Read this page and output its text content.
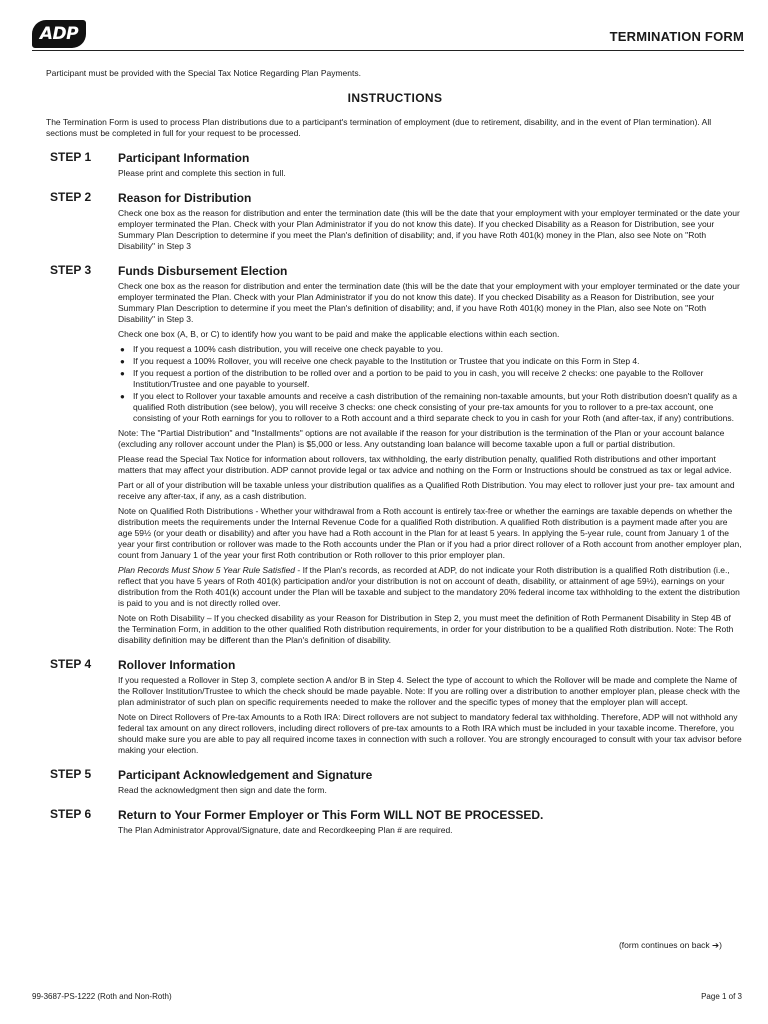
ADP	TERMINATION FORM

Participant must be provided with the Special Tax Notice Regarding Plan Payments.

INSTRUCTIONS

The Termination Form is used to process Plan distributions due to a participant's termination of employment (due to retirement, disability, and in the event of Plan termination). All sections must be completed in full for your request to be processed.

STEP 1 Participant Information

Please print and complete this section in full.

STEP 2 Reason for Distribution

Check one box as the reason for distribution and enter the termination date (this will be the date that your employment with your employer terminated or the date your employer terminated the Plan. Check with your Plan Administrator if you do not know this date). If you checked Disability as a Reason for Distribution, see your Summary Plan Description to determine if you meet the Plan's definition of disability; and, if you have Roth 401(k) money in the Plan, also see Note on "Roth Disability" in Step 3

STEP 3 Funds Disbursement Election

Check one box as the reason for distribution and enter the termination date (this will be the date that your employment with your employer terminated or the date your employer terminated the Plan. Check with your Plan Administrator if you do not know this date). If you checked Disability as a Reason for Distribution, see your Summary Plan Description to determine if you meet the Plan's definition of disability; and, if you have Roth 401(k) money in the Plan, also see Note on "Roth Disability" in Step 3.

Check one box (A, B, or C) to identify how you want to be paid and make the applicable elections within each section.

● If you request a 100% cash distribution, you will receive one check payable to you.
● If you request a 100% Rollover, you will receive one check payable to the Institution or Trustee that you indicate on this Form in Step 4.
● If you request a portion of the distribution to be rolled over and a portion to be paid to you in cash, you will receive 2 checks: one payable to the Rollover Institution/Trustee and one payable to yourself.
● If you elect to Rollover your taxable amounts and receive a cash distribution of the remaining non-taxable amounts, but your Roth distribution doesn't qualify as a qualified Roth distribution (see below), you will receive 3 checks: one check consisting of your pre-tax amounts for you to rollover to a pre-tax account, one consisting of your Roth earnings for you to rollover to a Roth account and a third separate check to you in cash for your Roth (and after-tax, if any) contributions.

Note: The "Partial Distribution" and "Installments" options are not available if the reason for your distribution is the termination of the Plan or your account balance (excluding any rollover account under the Plan) is $5,000 or less. Any outstanding loan balance will become taxable upon a full or partial distribution.

Please read the Special Tax Notice for information about rollovers, tax withholding, the early distribution penalty, qualified Roth distributions and other important matters that may affect your distribution. ADP cannot provide legal or tax advice and nothing on the Form or Instructions should be construed as tax or legal advice.

Part or all of your distribution will be taxable unless your distribution qualifies as a Qualified Roth Distribution. You may elect to rollover just your pre- tax amount and receive any after-tax, if any, as a cash distribution.

Note on Qualified Roth Distributions - Whether your withdrawal from a Roth account is entirely tax-free or whether the earnings are taxable depends on whether the distribution meets the requirements under the Internal Revenue Code for a qualified Roth distribution. A qualified Roth distribution is a payment made after you are age 59½ (or your death or disability) and after you have had a Roth account in the Plan for at least 5 years. In applying the 5-year rule, count from January 1 of the year your first contribution or rollover was made to the Roth accounts under the Plan or if you had a prior direct rollover of a Roth account from another employer plan, count from January 1 of the year your first Roth contribution or Roth rollover to this prior employer plan.

Plan Records Must Show 5 Year Rule Satisfied - If the Plan's records, as recorded at ADP, do not indicate your Roth distribution is a qualified Roth distribution (i.e., reflect that you have 5 years of Roth 401(k) participation and/or your distribution is not on account of death, disability, or attainment of age 59½), earnings on your distribution from the Roth 401(k) account under the Plan will be taxable and subject to the mandatory 20% federal income tax withholding to the extent the distribution is paid to you and is not directly rolled over.

Note on Roth Disability – If you checked disability as your Reason for Distribution in Step 2, you must meet the definition of Roth Permanent Disability in Step 4B of the Termination Form, in addition to the other qualified Roth distribution requirements, in order for your distribution to be a qualified Roth distribution. Note: The Roth disability definition may be different than the Plan's definition of disability.

STEP 4 Rollover Information

If you requested a Rollover in Step 3, complete section A and/or B in Step 4. Select the type of account to which the Rollover will be made and complete the Name of the Rollover Institution/Trustee to which the check should be made payable. Note: If you are rolling over a distribution to another employer plan, please check with the plan administrator of such plan on specific requirements needed to make the rollover and the specific types of money that the employer plan will accept.

Note on Direct Rollovers of Pre-tax Amounts to a Roth IRA: Direct rollovers are not subject to mandatory federal tax withholding. Therefore, ADP will not withhold any federal tax amount on any direct rollovers, including direct rollovers of pre-tax amounts to a Roth IRA which must be included in your taxable income. Therefore, you should make sure you are able to pay all required income taxes in connection with such a rollover. You are strongly encouraged to consult with your tax advisor before making your election.

STEP 5 Participant Acknowledgement and Signature

Read the acknowledgment then sign and date the form.

STEP 6 Return to Your Former Employer or This Form WILL NOT BE PROCESSED.

The Plan Administrator Approval/Signature, date and Recordkeeping Plan # are required.

(form continues on back ➔)
99-3687-PS-1222 (Roth and Non-Roth)	Page 1 of 3
